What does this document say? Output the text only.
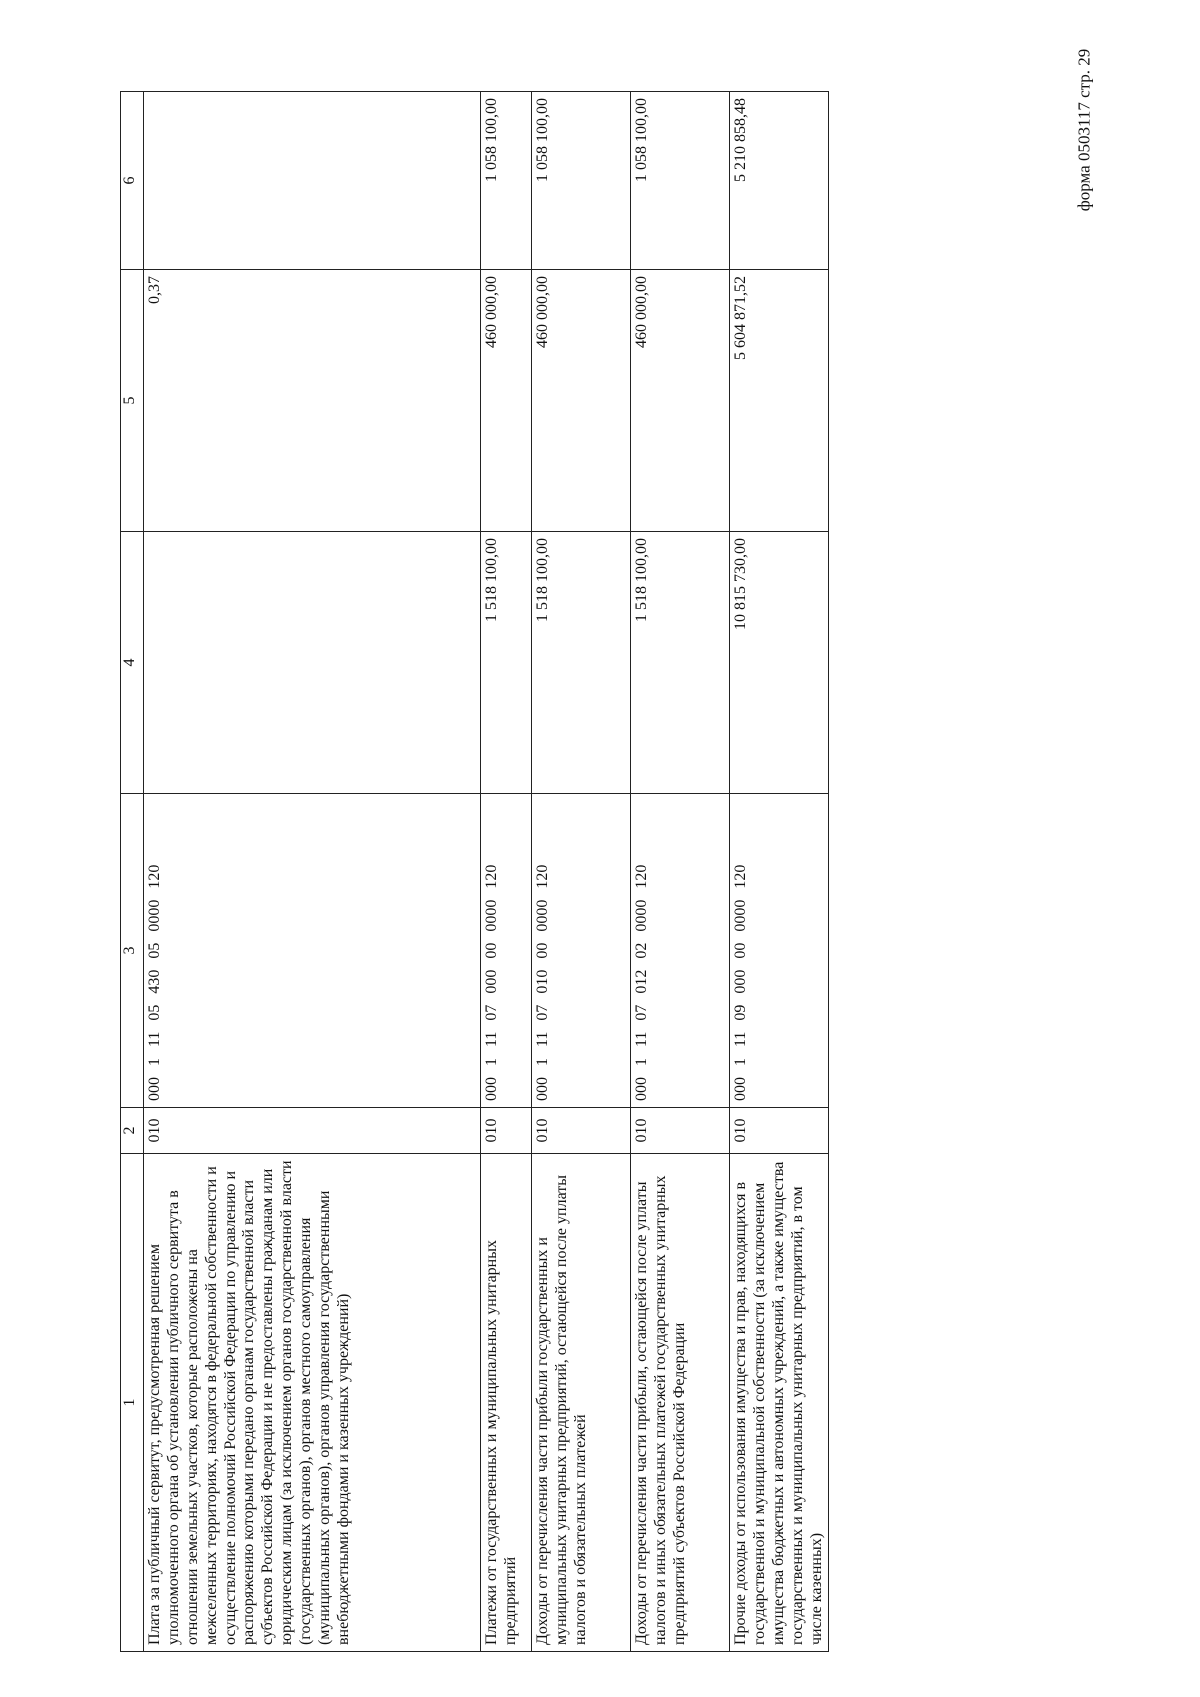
форма 0503117 стр. 29
1	2	3	4	5	6
Плата за публичный сервитут, предусмотренная решением уполномоченного органа об установлении публичного сервитута в отношении земельных участков, которые расположены на межселенных территориях, находятся в федеральной собственности и осуществление полномочий Российской Федерации по управлению и распоряжению которыми передано органам государственной власти субъектов Российской Федерации и не предоставлены гражданам или юридическим лицам (за исключением органов государственной власти (государственных органов), органов местного самоуправления (муниципальных органов), органов управления государственными внебюджетными фондами и казенных учреждений)	010	000 1 11 05 430 05 0000 120		0,37	
Платежи от государственных и муниципальных унитарных предприятий	010	000 1 11 07 000 00 0000 120	1 518 100,00	460 000,00	1 058 100,00
Доходы от перечисления части прибыли государственных и муниципальных унитарных предприятий, остающейся после уплаты налогов и обязательных платежей	010	000 1 11 07 010 00 0000 120	1 518 100,00	460 000,00	1 058 100,00
Доходы от перечисления части прибыли, остающейся после уплаты налогов и иных обязательных платежей государственных унитарных предприятий субъектов Российской Федерации	010	000 1 11 07 012 02 0000 120	1 518 100,00	460 000,00	1 058 100,00
Прочие доходы от использования имущества и прав, находящихся в государственной и муниципальной собственности (за исключением имущества бюджетных и автономных учреждений, а также имущества государственных и муниципальных унитарных предприятий, в том числе казенных)	010	000 1 11 09 000 00 0000 120	10 815 730,00	5 604 871,52	5 210 858,48
